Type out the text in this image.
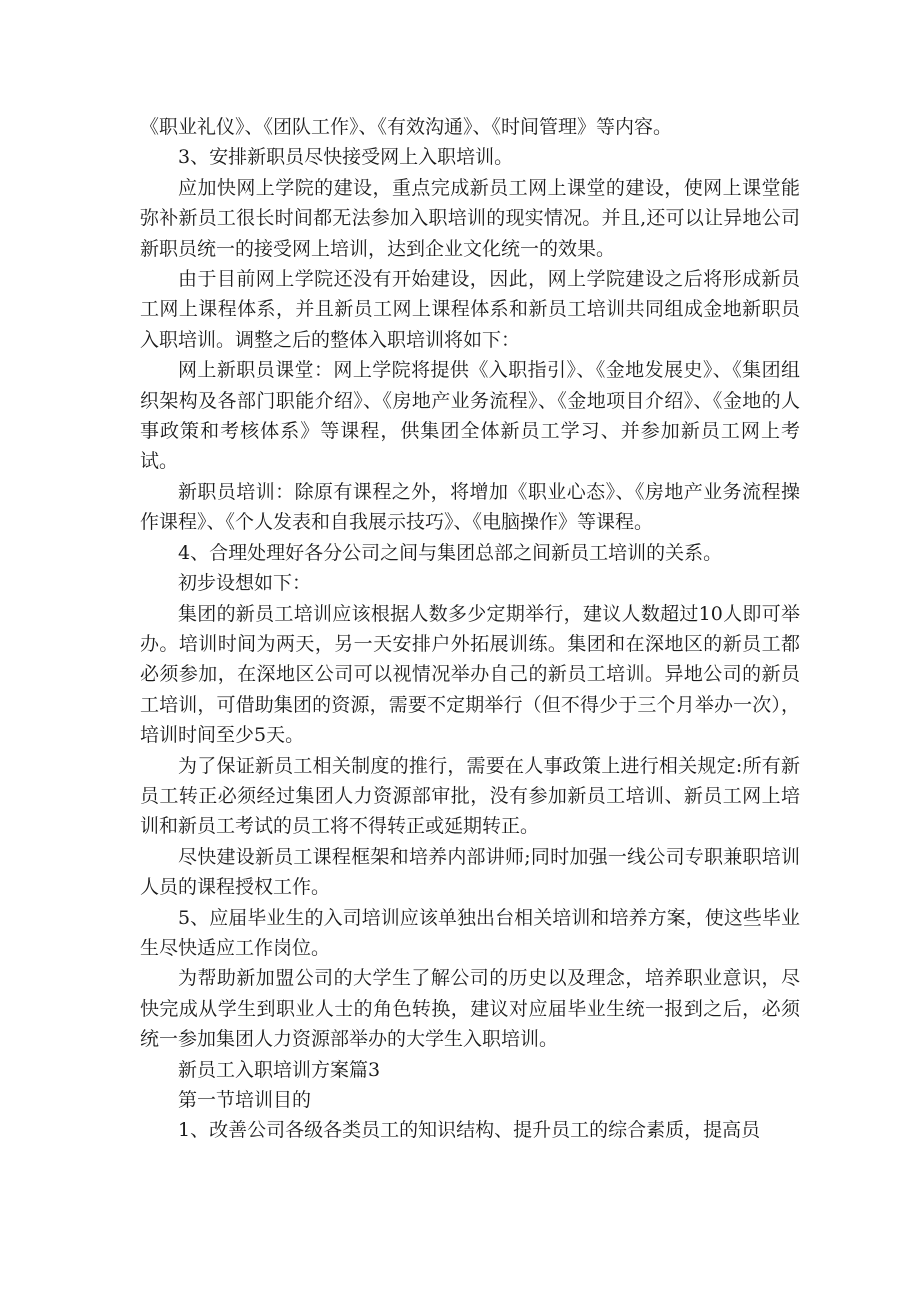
《职业礼仪》、《团队工作》、《有效沟通》、《时间管理》等内容。

3、安排新职员尽快接受网上入职培训。

应加快网上学院的建设，重点完成新员工网上课堂的建设，使网上课堂能弥补新员工很长时间都无法参加入职培训的现实情况。并且,还可以让异地公司新职员统一的接受网上培训，达到企业文化统一的效果。

由于目前网上学院还没有开始建设，因此，网上学院建设之后将形成新员工网上课程体系，并且新员工网上课程体系和新员工培训共同组成金地新职员入职培训。调整之后的整体入职培训将如下：

网上新职员课堂：网上学院将提供《入职指引》、《金地发展史》、《集团组织架构及各部门职能介绍》、《房地产业务流程》、《金地项目介绍》、《金地的人事政策和考核体系》等课程，供集团全体新员工学习、并参加新员工网上考试。

新职员培训：除原有课程之外，将增加《职业心态》、《房地产业务流程操作课程》、《个人发表和自我展示技巧》、《电脑操作》等课程。

4、合理处理好各分公司之间与集团总部之间新员工培训的关系。

初步设想如下：

集团的新员工培训应该根据人数多少定期举行，建议人数超过10人即可举办。培训时间为两天，另一天安排户外拓展训练。集团和在深地区的新员工都必须参加，在深地区公司可以视情况举办自己的新员工培训。异地公司的新员工培训，可借助集团的资源，需要不定期举行（但不得少于三个月举办一次），培训时间至少5天。

为了保证新员工相关制度的推行，需要在人事政策上进行相关规定:所有新员工转正必须经过集团人力资源部审批，没有参加新员工培训、新员工网上培训和新员工考试的员工将不得转正或延期转正。

尽快建设新员工课程框架和培养内部讲师;同时加强一线公司专职兼职培训人员的课程授权工作。

5、应届毕业生的入司培训应该单独出台相关培训和培养方案，使这些毕业生尽快适应工作岗位。

为帮助新加盟公司的大学生了解公司的历史以及理念，培养职业意识，尽快完成从学生到职业人士的角色转换，建议对应届毕业生统一报到之后，必须统一参加集团人力资源部举办的大学生入职培训。

新员工入职培训方案篇3

第一节培训目的

1、改善公司各级各类员工的知识结构、提升员工的综合素质，提高员
